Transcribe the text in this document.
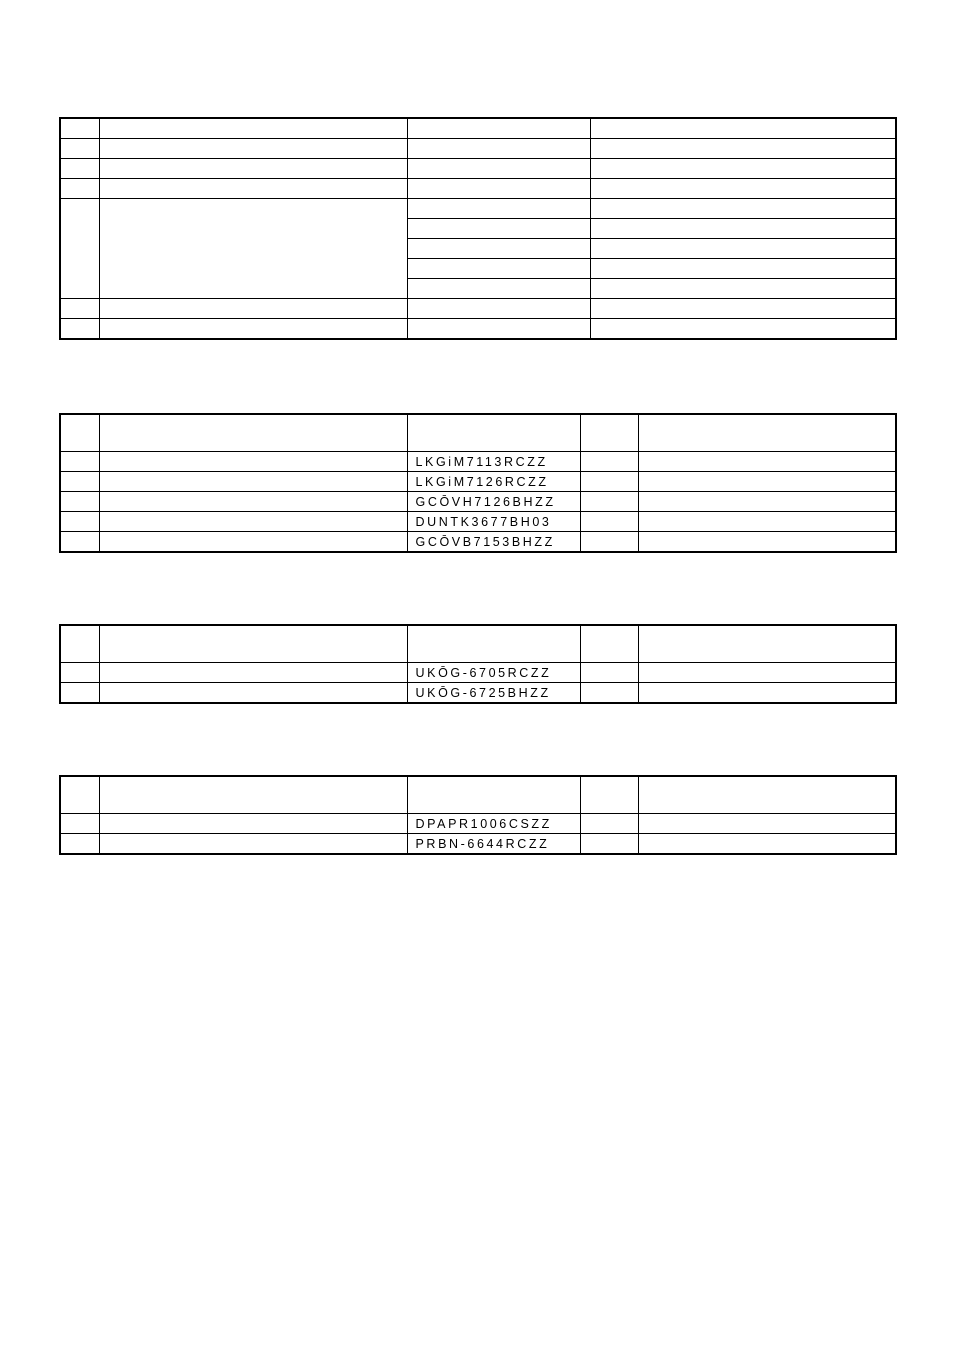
		LKGiM7113RCZZ		
		LKGiM7126RCZZ		
		GCŌVH7126BHZZ		
		DUNTK3677BH03		
		GCŌVB7153BHZZ		

		UKŌG-6705RCZZ		
		UKŌG-6725BHZZ		

		DPAPR1006CSZZ		
		PRBN-6644RCZZ		
